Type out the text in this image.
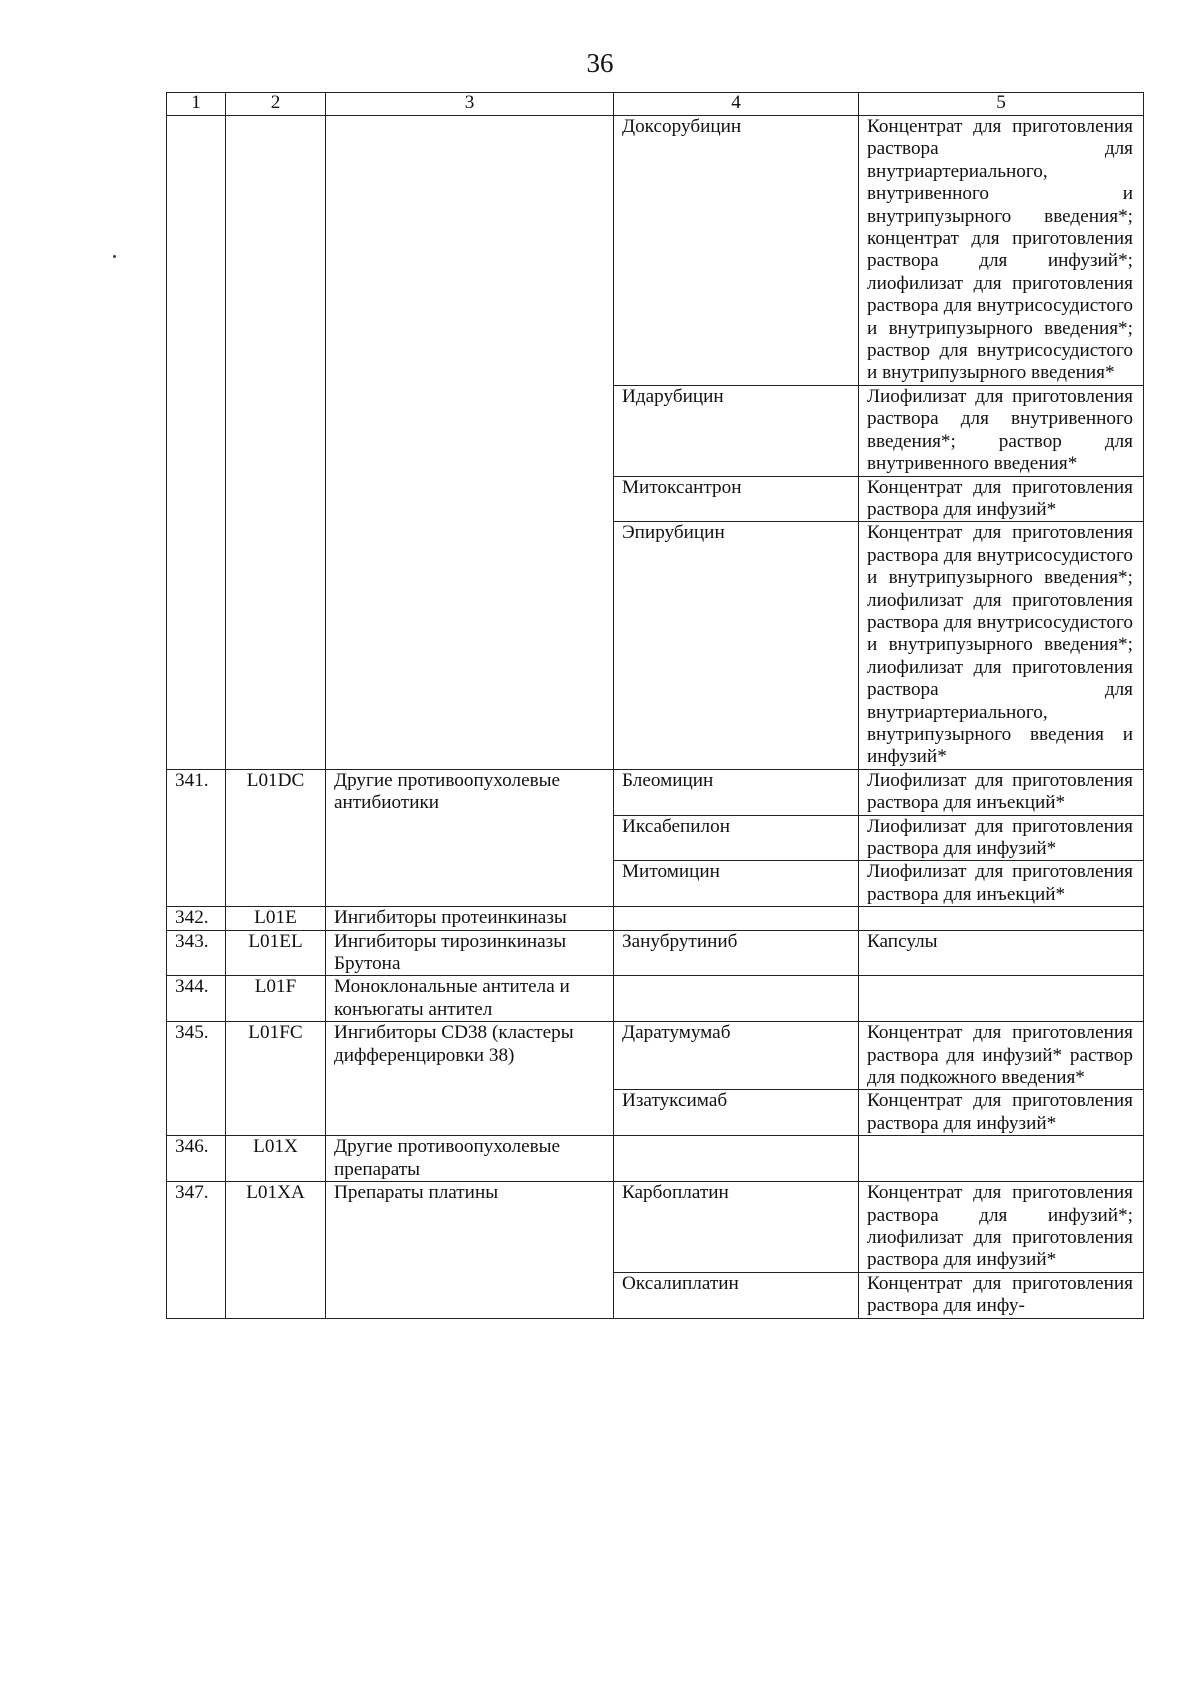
36
1	2	3	4	5
			Доксорубицин	Концентрат для приготовления раствора для внутриартериального, внутривенного и внутрипузырного введения*; концентрат для приготовления раствора для инфузий*; лиофилизат для приготовления раствора для внутрисосудистого и внутрипузырного введения*; раствор для внутрисосудистого и внутрипузырного введения*
			Идарубицин	Лиофилизат для приготовления раствора для внутривенного введения*; раствор для внутривенного введения*
			Митоксантрон	Концентрат для приготовления раствора для инфузий*
			Эпирубицин	Концентрат для приготовления раствора для внутрисосудистого и внутрипузырного введения*; лиофилизат для приготовления раствора для внутрисосудистого и внутрипузырного введения*; лиофилизат для приготовления раствора для внутриартериального, внутрипузырного введения и инфузий*
341.	L01DC	Другие противоопухолевые антибиотики	Блеомицин	Лиофилизат для приготовления раствора для инъекций*
			Иксабепилон	Лиофилизат для приготовления раствора для инфузий*
			Митомицин	Лиофилизат для приготовления раствора для инъекций*
342.	L01E	Ингибиторы протеинкиназы		
343.	L01EL	Ингибиторы тирозинкиназы Брутона	Занубрутиниб	Капсулы
344.	L01F	Моноклональные антитела и конъюгаты антител		
345.	L01FC	Ингибиторы CD38 (кластеры дифференцировки 38)	Даратумумаб	Концентрат для приготовления раствора для инфузий* раствор для подкожного введения*
			Изатуксимаб	Концентрат для приготовления раствора для инфузий*
346.	L01X	Другие противоопухолевые препараты		
347.	L01XA	Препараты платины	Карбоплатин	Концентрат для приготовления раствора для инфузий*; лиофилизат для приготовления раствора для инфузий*
			Оксалиплатин	Концентрат для приготовления раствора для инфу-
